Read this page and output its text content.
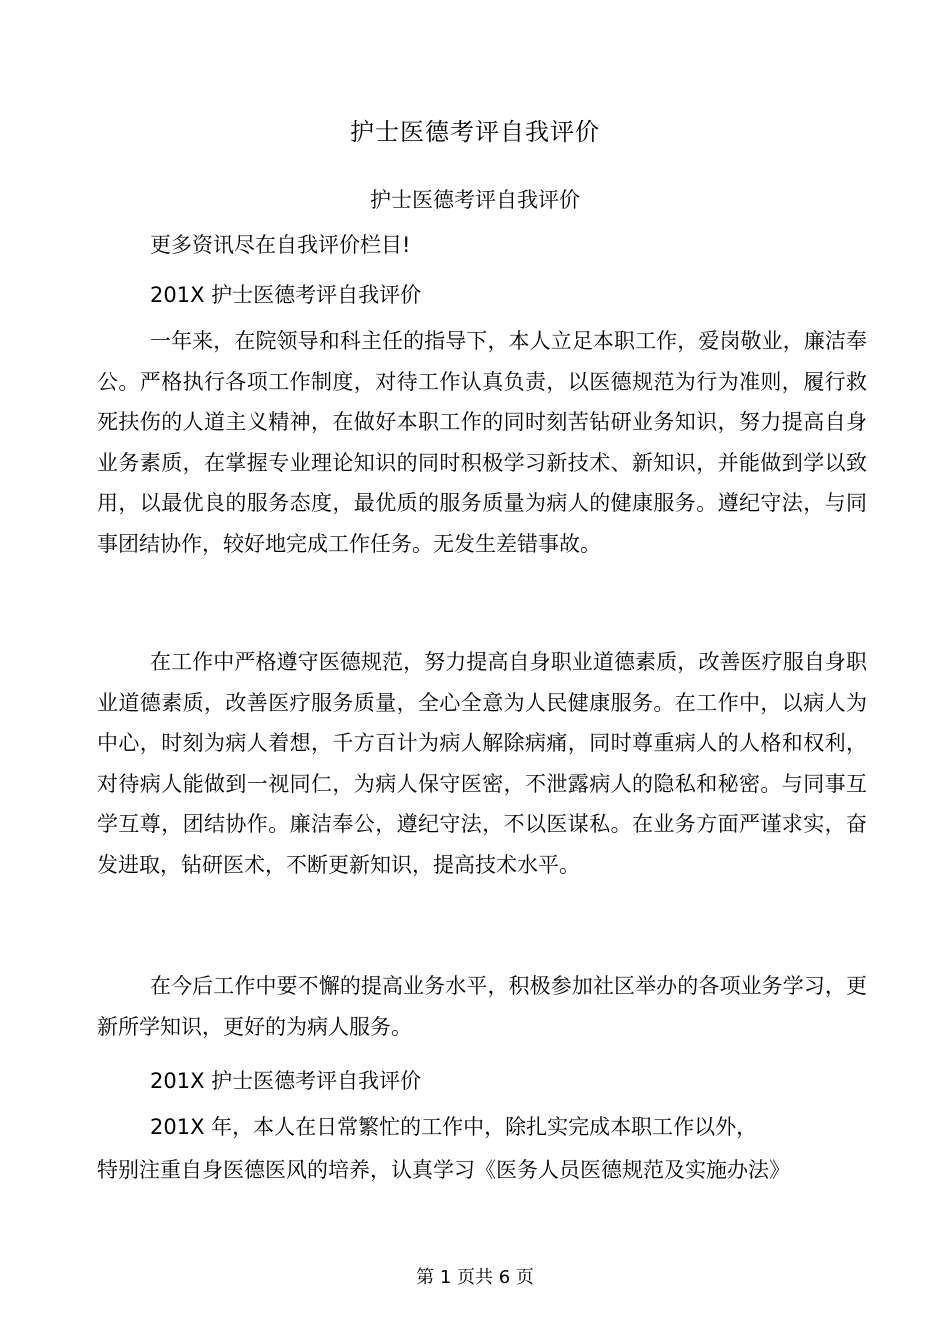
护士医德考评自我评价
护士医德考评自我评价

更多资讯尽在自我评价栏目!

201X 护士医德考评自我评价

一年来，在院领导和科主任的指导下，本人立足本职工作，爱岗敬业，廉洁奉公。严格执行各项工作制度，对待工作认真负责，以医德规范为行为准则，履行救死扶伤的人道主义精神，在做好本职工作的同时刻苦钻研业务知识，努力提高自身业务素质，在掌握专业理论知识的同时积极学习新技术、新知识，并能做到学以致用，以最优良的服务态度，最优质的服务质量为病人的健康服务。遵纪守法，与同事团结协作，较好地完成工作任务。无发生差错事故。

在工作中严格遵守医德规范，努力提高自身职业道德素质，改善医疗服自身职业道德素质，改善医疗服务质量，全心全意为人民健康服务。在工作中，以病人为中心，时刻为病人着想，千方百计为病人解除病痛，同时尊重病人的人格和权利，对待病人能做到一视同仁，为病人保守医密，不泄露病人的隐私和秘密。与同事互学互尊，团结协作。廉洁奉公，遵纪守法，不以医谋私。在业务方面严谨求实，奋发进取，钻研医术，不断更新知识，提高技术水平。

在今后工作中要不懈的提高业务水平，积极参加社区举办的各项业务学习，更新所学知识，更好的为病人服务。

201X 护士医德考评自我评价

201X 年，本人在日常繁忙的工作中，除扎实完成本职工作以外，

特别注重自身医德医风的培养，认真学习《医务人员医德规范及实施办法》

第 1 页共 6 页
